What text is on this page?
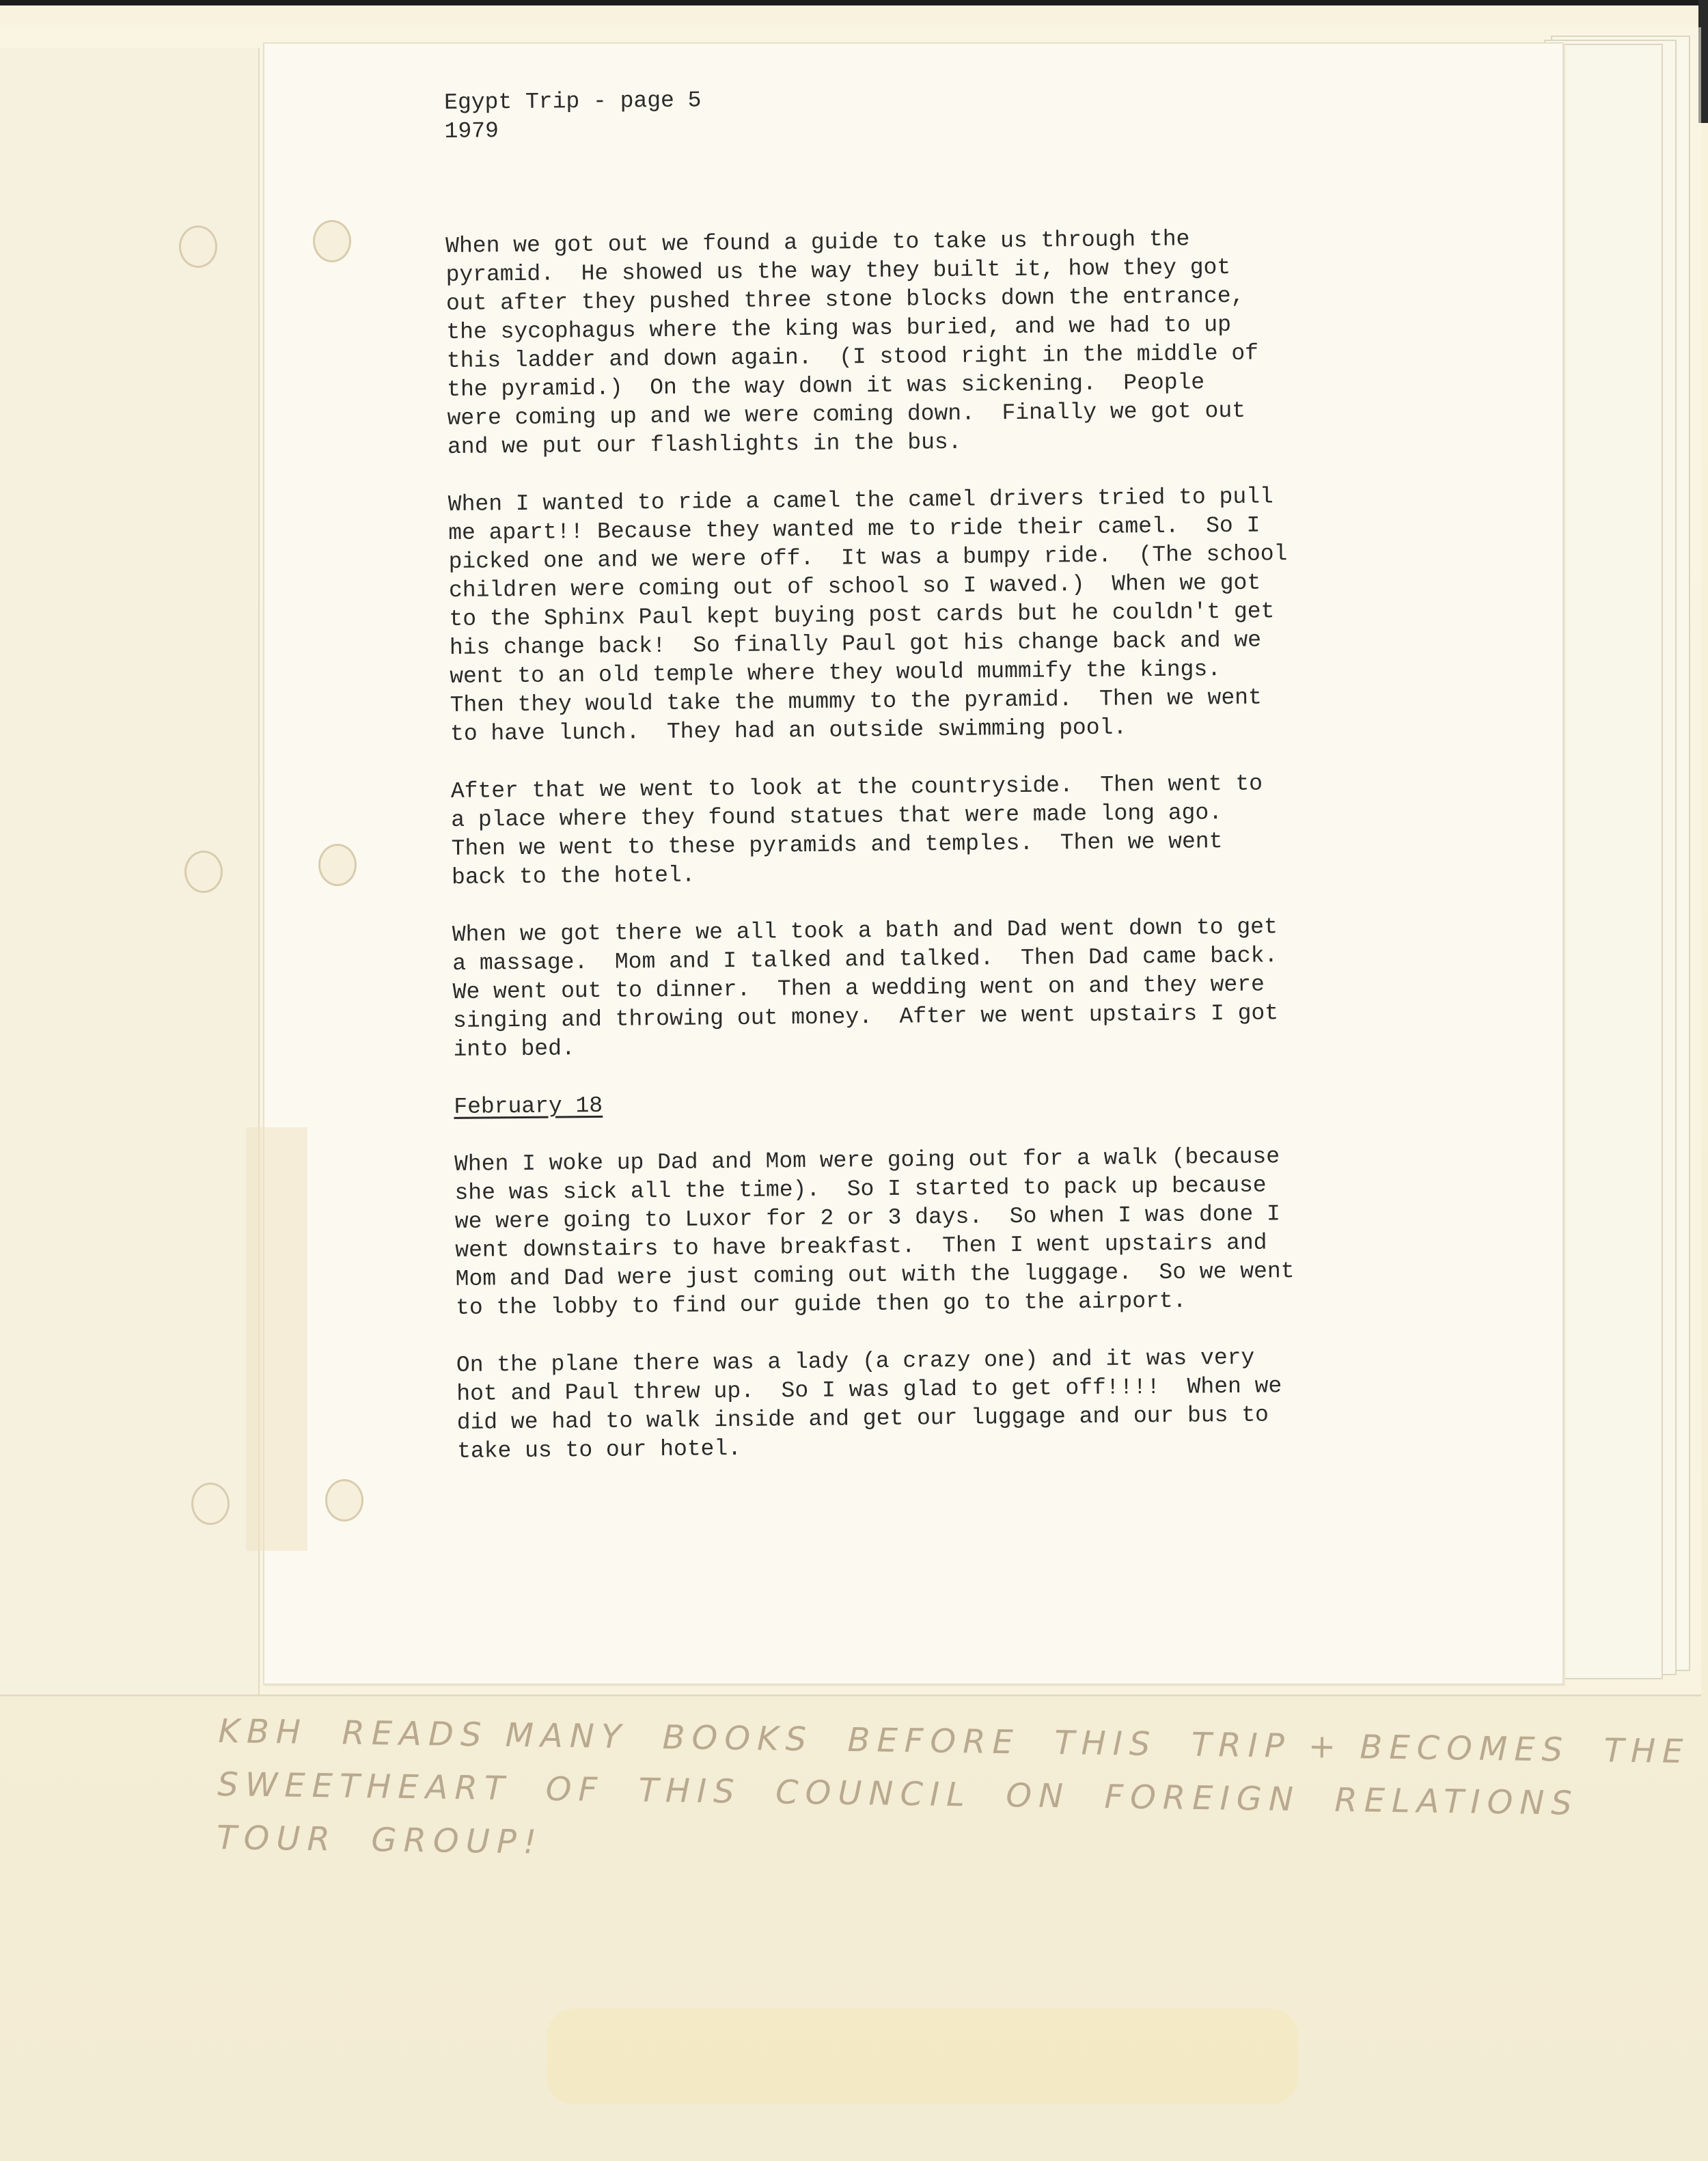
Egypt Trip - page 5
1979

When we got out we found a guide to take us through the
pyramid.  He showed us the way they built it, how they got
out after they pushed three stone blocks down the entrance,
the sycophagus where the king was buried, and we had to up
this ladder and down again.  (I stood right in the middle of
the pyramid.)  On the way down it was sickening.  People
were coming up and we were coming down.  Finally we got out
and we put our flashlights in the bus.

When I wanted to ride a camel the camel drivers tried to pull
me apart!! Because they wanted me to ride their camel.  So I
picked one and we were off.  It was a bumpy ride.  (The school
children were coming out of school so I waved.)  When we got
to the Sphinx Paul kept buying post cards but he couldn't get
his change back!  So finally Paul got his change back and we
went to an old temple where they would mummify the kings.
Then they would take the mummy to the pyramid.  Then we went
to have lunch.  They had an outside swimming pool.

After that we went to look at the countryside.  Then went to
a place where they found statues that were made long ago.
Then we went to these pyramids and temples.  Then we went
back to the hotel.

When we got there we all took a bath and Dad went down to get
a massage.  Mom and I talked and talked.  Then Dad came back.
We went out to dinner.  Then a wedding went on and they were
singing and throwing out money.  After we went upstairs I got
into bed.

February 18

When I woke up Dad and Mom were going out for a walk (because
she was sick all the time).  So I started to pack up because
we were going to Luxor for 2 or 3 days.  So when I was done I
went downstairs to have breakfast.  Then I went upstairs and
Mom and Dad were just coming out with the luggage.  So we went
to the lobby to find our guide then go to the airport.

On the plane there was a lady (a crazy one) and it was very
hot and Paul threw up.  So I was glad to get off!!!!  When we
did we had to walk inside and get our luggage and our bus to
take us to our hotel.

KBH  READS MANY  BOOKS  BEFORE  THIS  TRIP + BECOMES  THE
SWEETHEART  OF  THIS  COUNCIL  ON  FOREIGN  RELATIONS
TOUR  GROUP!
